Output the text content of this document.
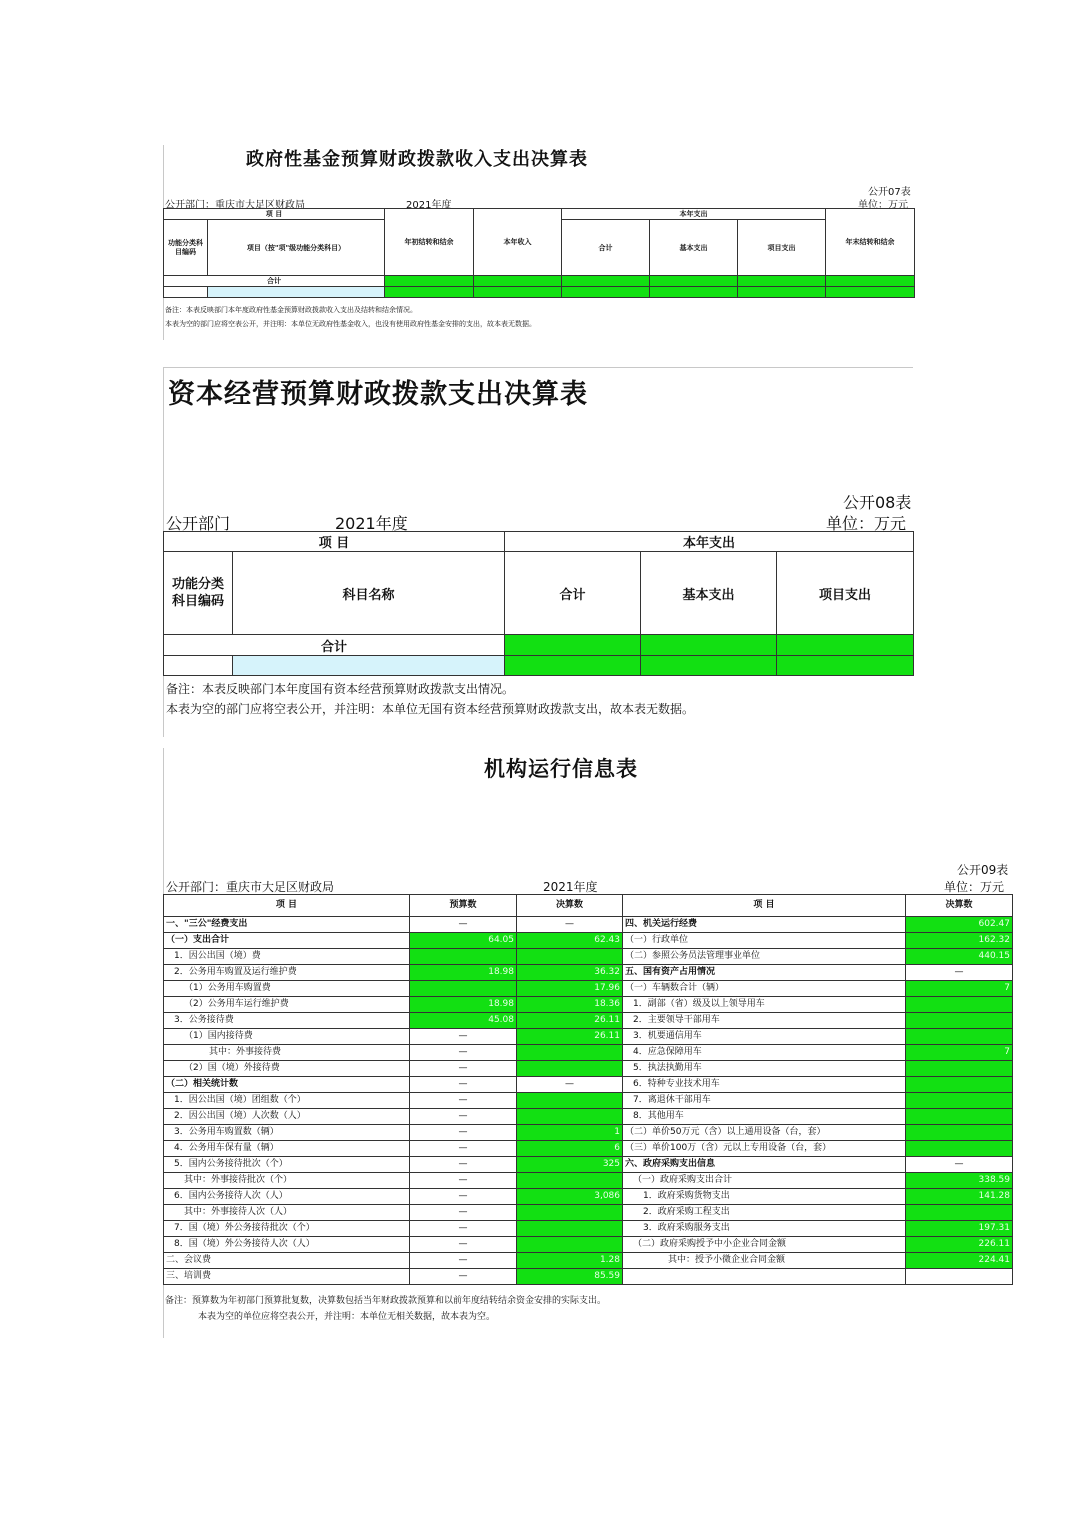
政府性基金预算财政拨款收入支出决算表
公开07表
公开部门：重庆市大足区财政局	2021年度	单位：万元
项 目		年初结转和结余	本年收入	本年支出			年末结转和结余
功能分类科目编码	项目（按"项"级功能分类科目）			合计	基本支出	项目支出	
合计							

备注：本表反映部门本年度政府性基金预算财政拨款收入支出及结转和结余情况。
本表为空的部门应将空表公开，并注明：本单位无政府性基金收入，也没有使用政府性基金安排的支出，故本表无数据。
资本经营预算财政拨款支出决算表
公开08表
公开部门	2021年度	单位：万元
项 目		本年支出		
功能分类科目编码	科目名称	合计	基本支出	项目支出
合计				

备注：本表反映部门本年度国有资本经营预算财政拨款支出情况。
本表为空的部门应将空表公开，并注明：本单位无国有资本经营预算财政拨款支出，故本表无数据。
机构运行信息表
公开09表
公开部门：重庆市大足区财政局	2021年度	单位：万元
项 目	预算数	决算数	项 目	决算数
一、"三公"经费支出	—	—	四、机关运行经费	602.47
（一）支出合计	64.05	62.43	（一）行政单位	162.32
1．因公出国（境）费			（二）参照公务员法管理事业单位	440.15
2．公务用车购置及运行维护费	18.98	36.32	五、国有资产占用情况	—
（1）公务用车购置费		17.96	（一）车辆数合计（辆）	7
（2）公务用车运行维护费	18.98	18.36	1．副部（省）级及以上领导用车	
3．公务接待费	45.08	26.11	2．主要领导干部用车	
（1）国内接待费	—	26.11	3．机要通信用车	
其中：外事接待费	—		4．应急保障用车	7
（2）国（境）外接待费	—		5．执法执勤用车	
（二）相关统计数	—	—	6．特种专业技术用车	
1．因公出国（境）团组数（个）	—		7．离退休干部用车	
2．因公出国（境）人次数（人）	—		8．其他用车	
3．公务用车购置数（辆）	—	1	（二）单价50万元（含）以上通用设备（台，套）	
4．公务用车保有量（辆）	—	6	（三）单价100万（含）元以上专用设备（台，套）	
5．国内公务接待批次（个）	—	325	六、政府采购支出信息	—
其中：外事接待批次（个）	—		（一）政府采购支出合计	338.59
6．国内公务接待人次（人）	—	3,086	1．政府采购货物支出	141.28
其中：外事接待人次（人）	—		2．政府采购工程支出	
7．国（境）外公务接待批次（个）	—		3．政府采购服务支出	197.31
8．国（境）外公务接待人次（人）	—		（二）政府采购授予中小企业合同金额	226.11
二、会议费	—	1.28	其中：授予小微企业合同金额	224.41
三、培训费	—	85.59		
备注：预算数为年初部门预算批复数，决算数包括当年财政拨款预算和以前年度结转结余资金安排的实际支出。
本表为空的单位应将空表公开，并注明：本单位无相关数据，故本表为空。
